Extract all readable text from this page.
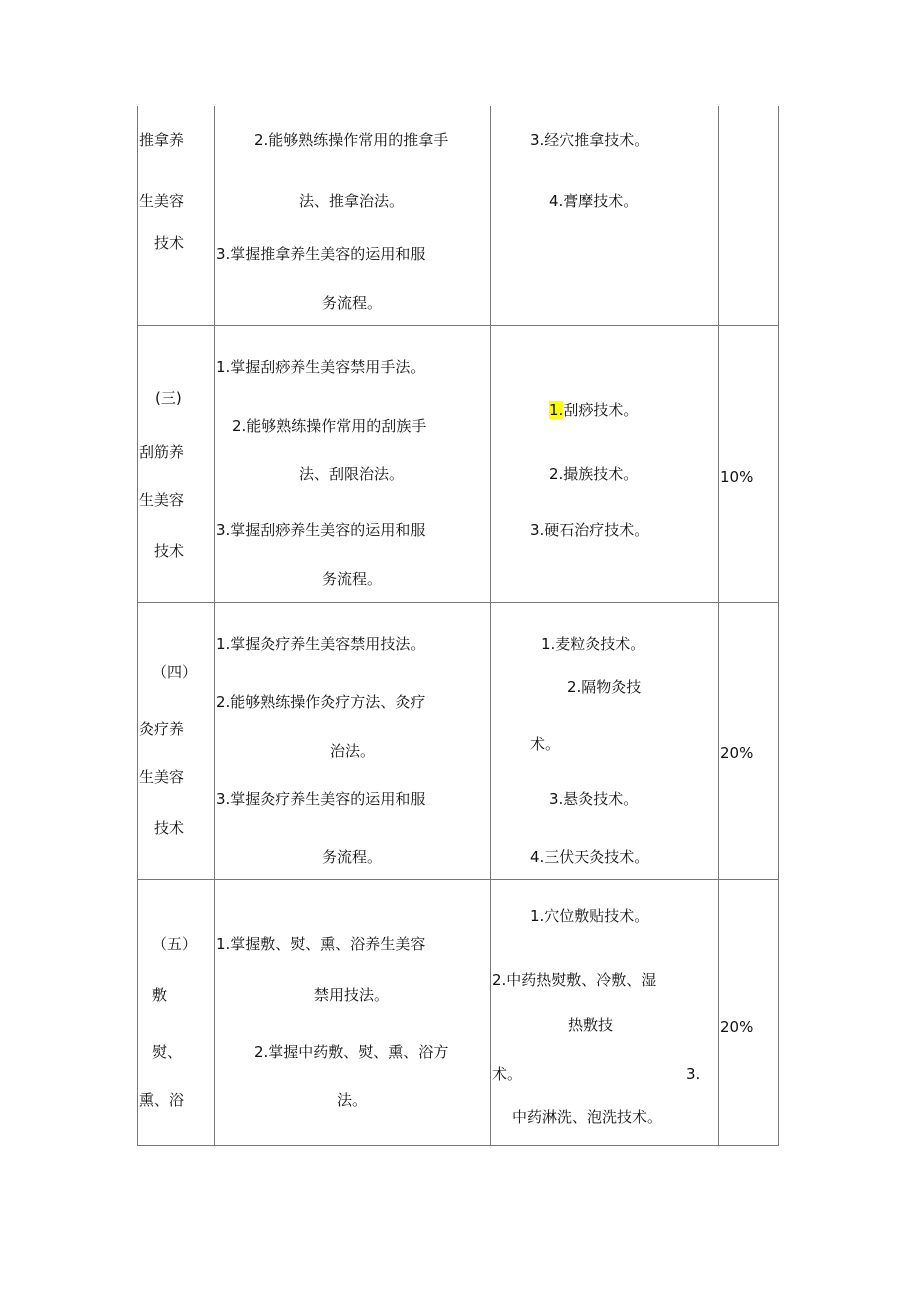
推拿养
生美容
技术
2.能够熟练操作常用的推拿手
法、推拿治法。
3.掌握推拿养生美容的运用和服
务流程。
3.经穴推拿技术。
4.膏摩技术。
(三)
刮筋养
生美容
技术
1.掌握刮痧养生美容禁用手法。
2.能够熟练操作常用的刮族手
法、刮限治法。
3.掌握刮痧养生美容的运用和服
务流程。
1.刮痧技术。
2.撮族技术。
3.硬石治疗技术。
10%
（四）
灸疗养
生美容
技术
1.掌握灸疗养生美容禁用技法。
2.能够熟练操作灸疗方法、灸疗
治法。
3.掌握灸疗养生美容的运用和服
务流程。
1.麦粒灸技术。
2.隔物灸技
术。
3.悬灸技术。
4.三伏天灸技术。
20%
（五）
敷
熨、
熏、浴
1.掌握敷、熨、熏、浴养生美容
禁用技法。
2.掌握中药敷、熨、熏、浴方
法。
1.穴位敷贴技术。
2.中药热熨敷、冷敷、湿
热敷技
术。	3.
中药淋洗、泡洗技术。
20%
